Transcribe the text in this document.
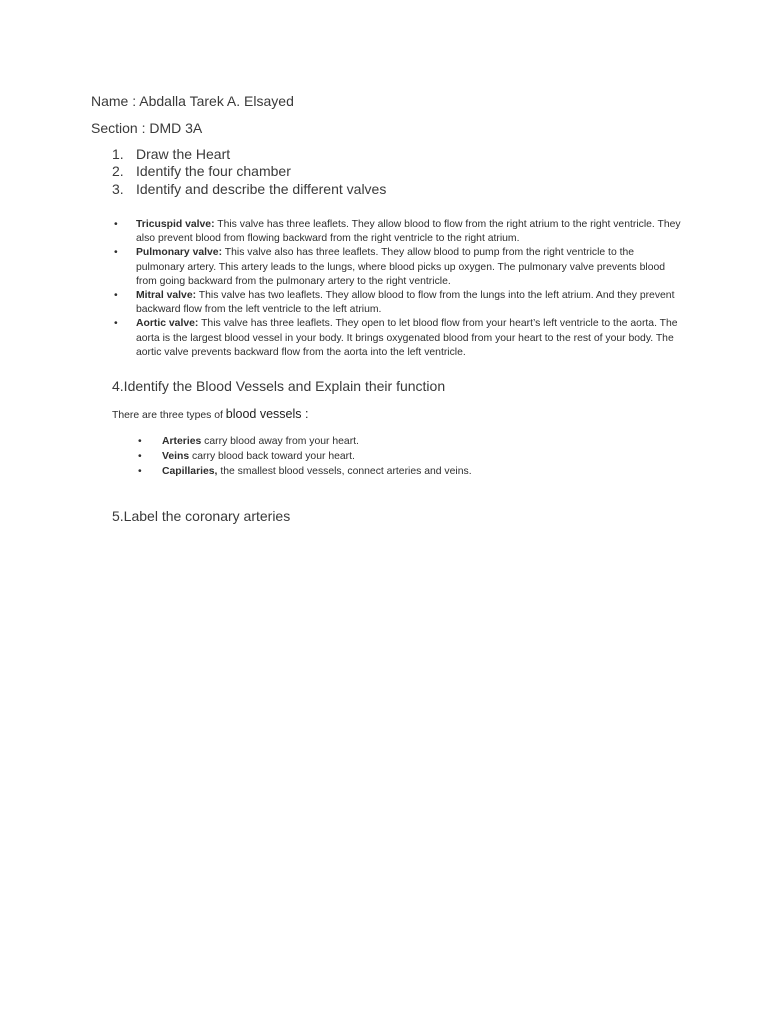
Name : Abdalla Tarek A. Elsayed
Section : DMD 3A
1. Draw the Heart
2. Identify the four chamber
3. Identify and describe the different valves
• Tricuspid valve: This valve has three leaflets. They allow blood to flow from the right atrium to the right ventricle. They also prevent blood from flowing backward from the right ventricle to the right atrium.
• Pulmonary valve: This valve also has three leaflets. They allow blood to pump from the right ventricle to the pulmonary artery. This artery leads to the lungs, where blood picks up oxygen. The pulmonary valve prevents blood from going backward from the pulmonary artery to the right ventricle.
• Mitral valve: This valve has two leaflets. They allow blood to flow from the lungs into the left atrium. And they prevent backward flow from the left ventricle to the left atrium.
• Aortic valve: This valve has three leaflets. They open to let blood flow from your heart’s left ventricle to the aorta. The aorta is the largest blood vessel in your body. It brings oxygenated blood from your heart to the rest of your body. The aortic valve prevents backward flow from the aorta into the left ventricle.
4.Identify the Blood Vessels and Explain their function
There are three types of blood vessels :
• Arteries carry blood away from your heart.
• Veins carry blood back toward your heart.
• Capillaries, the smallest blood vessels, connect arteries and veins.
5.Label the coronary arteries
